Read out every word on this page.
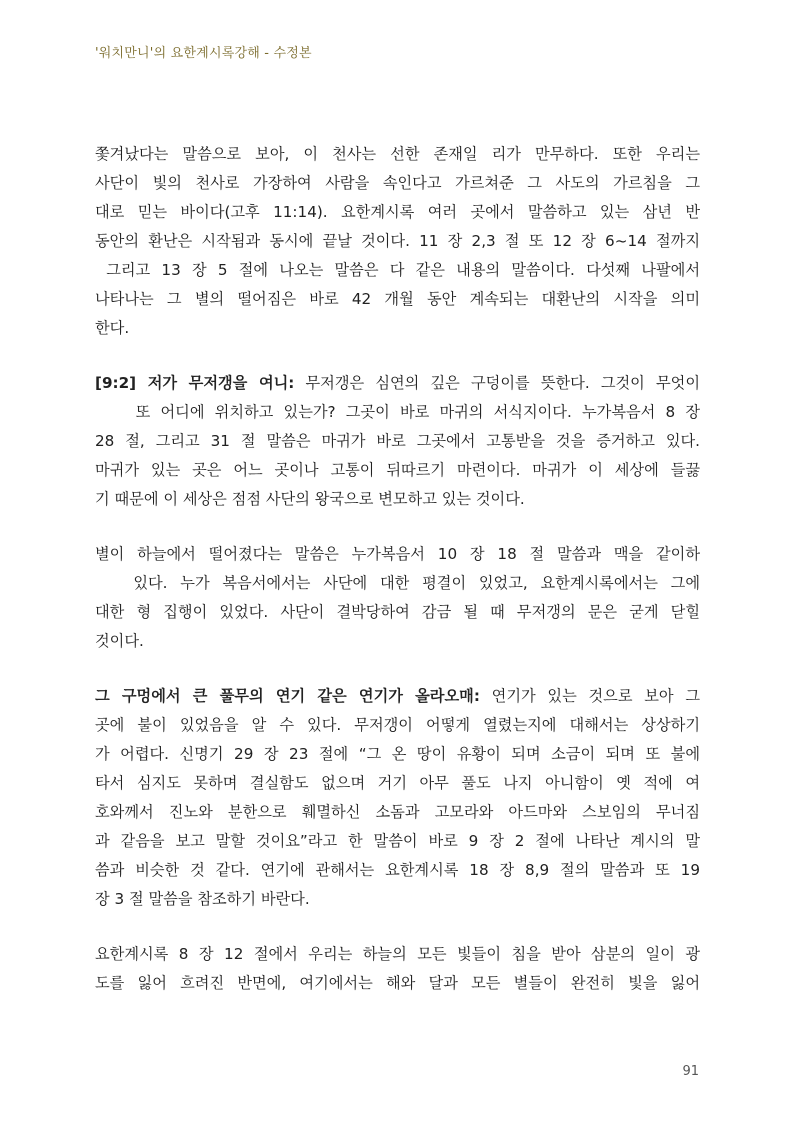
'워치만니'의 요한계시록강해 - 수정본
쫓겨났다는 말씀으로 보아, 이 천사는 선한 존재일 리가 만무하다. 또한 우리는
사단이 빛의 천사로 가장하여 사람을 속인다고 가르쳐준 그 사도의 가르침을 그
대로 믿는 바이다(고후 11:14). 요한계시록 여러 곳에서 말씀하고 있는 삼년 반
동안의 환난은 시작됨과 동시에 끝날 것이다. 11 장 2,3 절 또 12 장 6~14 절까지
그리고 13 장 5 절에 나오는 말씀은 다 같은 내용의 말씀이다. 다섯째 나팔에서
나타나는 그 별의 떨어짐은 바로 42 개월 동안 계속되는 대환난의 시작을 의미
한다.
[9:2] 저가 무저갱을 여니: 무저갱은 심연의 깊은 구덩이를 뜻한다. 그것이 무엇이
또 어디에 위치하고 있는가? 그곳이 바로 마귀의 서식지이다. 누가복음서 8 장
28 절, 그리고 31 절 말씀은 마귀가 바로 그곳에서 고통받을 것을 증거하고 있다.
마귀가 있는 곳은 어느 곳이나 고통이 뒤따르기 마련이다. 마귀가 이 세상에 들끓
기 때문에 이 세상은 점점 사단의 왕국으로 변모하고 있는 것이다.
별이 하늘에서 떨어졌다는 말씀은 누가복음서 10 장 18 절 말씀과 맥을 같이하
있다. 누가 복음서에서는 사단에 대한 평결이 있었고, 요한계시록에서는 그에
대한 형 집행이 있었다. 사단이 결박당하여 감금 될 때 무저갱의 문은 굳게 닫힐
것이다.
그 구멍에서 큰 풀무의 연기 같은 연기가 올라오매: 연기가 있는 것으로 보아 그
곳에 불이 있었음을 알 수 있다. 무저갱이 어떻게 열렸는지에 대해서는 상상하기
가 어렵다. 신명기 29 장 23 절에 “그 온 땅이 유황이 되며 소금이 되며 또 불에
타서 심지도 못하며 결실함도 없으며 거기 아무 풀도 나지 아니함이 옛 적에 여
호와께서 진노와 분한으로 훼멸하신 소돔과 고모라와 아드마와 스보임의 무너짐
과 같음을 보고 말할 것이요”라고 한 말씀이 바로 9 장 2 절에 나타난 계시의 말
씀과 비슷한 것 같다. 연기에 관해서는 요한계시록 18 장 8,9 절의 말씀과 또 19
장 3 절 말씀을 참조하기 바란다.
요한계시록 8 장 12 절에서 우리는 하늘의 모든 빛들이 침을 받아 삼분의 일이 광
도를 잃어 흐려진 반면에, 여기에서는 해와 달과 모든 별들이 완전히 빛을 잃어
91
